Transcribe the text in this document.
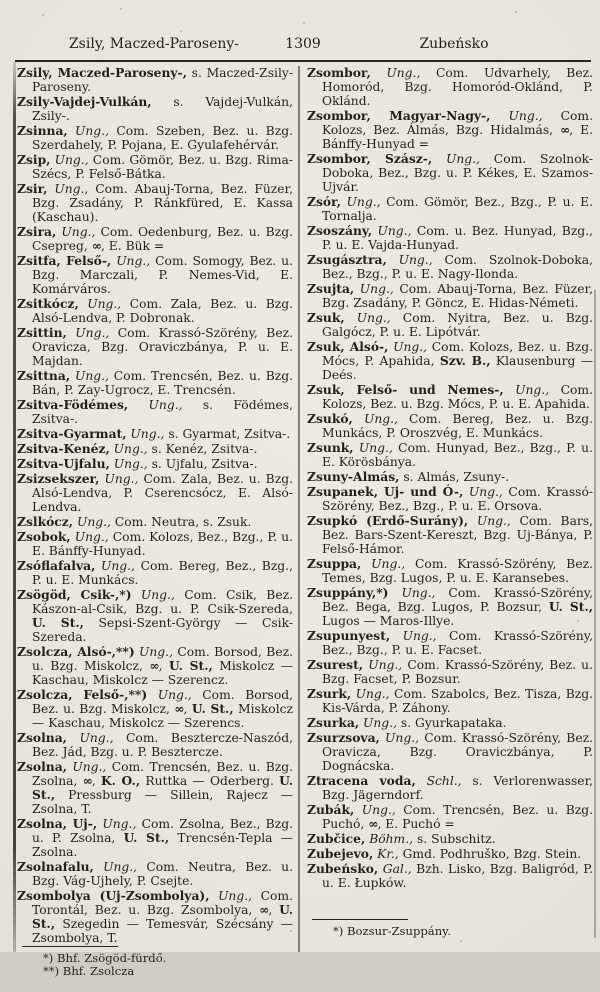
Zsily, Maczed-Paroseny-	1309	Zubeńsko

Zsily, Maczed-Paroseny-, s. Maczed-Zsily-Paroseny.

Zsily-Vajdej-Vulkán, s. Vajdej-Vulkán, Zsily-.

Zsinna, Ung., Com. Szeben, Bez. u. Bzg. Szerdahely, P. Pojana, E. Gyulafehérvár.

Zsip, Ung., Com. Gömör, Bez. u. Bzg. Rima-Szécs, P. Felső-Bátka.

Zsir, Ung., Com. Abauj-Torna, Bez. Füzer, Bzg. Zsadány, P. Ránkfüred, E. Kassa (Kaschau).

Zsira, Ung., Com. Oedenburg, Bez. u. Bzg. Csepreg, ∞, E. Bük =

Zsitfa, Felső-, Ung., Com. Somogy, Bez. u. Bzg. Marczali, P. Nemes-Vid, E. Komárváros.

Zsitkócz, Ung., Com. Zala, Bez. u. Bzg. Alsó-Lendva, P. Dobronak.

Zsittin, Ung., Com. Krassó-Szörény, Bez. Oravicza, Bzg. Oraviczbánya, P. u. E. Majdan.

Zsittna, Ung., Com. Trencsén, Bez. u. Bzg. Bán, P. Zay-Ugrocz, E. Trencsén.

Zsitva-Födémes, Ung., s. Födémes, Zsitva-.

Zsitva-Gyarmat, Ung., s. Gyarmat, Zsitva-.

Zsitva-Kenéz, Ung., s. Kenéz, Zsitva-.

Zsitva-Ujfalu, Ung., s. Ujfalu, Zsitva-.

Zsizsekszer, Ung., Com. Zala, Bez. u. Bzg. Alsó-Lendva, P. Cserencsócz, E. Alsó-Lendva.

Zslkócz, Ung., Com. Neutra, s. Zsuk.

Zsobok, Ung., Com. Kolozs, Bez., Bzg., P. u. E. Bánffy-Hunyad.

Zsóflafalva, Ung., Com. Bereg, Bez., Bzg., P. u. E. Munkács.

Zsögöd, Csik-,*) Ung., Com. Csik, Bez. Kászon-al-Csik, Bzg. u. P. Csik-Szereda, U. St., Sepsi-Szent-György — Csik-Szereda.

Zsolcza, Alsó-,**) Ung., Com. Borsod, Bez. u. Bzg. Miskolcz, ∞, U. St., Miskolcz — Kaschau, Miskolcz — Szerencz.

Zsolcza, Felső-,**) Ung., Com. Borsod, Bez. u. Bzg. Miskolcz, ∞, U. St., Miskolcz — Kaschau, Miskolcz — Szerencs.

Zsolna, Ung., Com. Besztercze-Naszód, Bez. Jád, Bzg. u. P. Besztercze.

Zsolna, Ung., Com. Trencsén, Bez. u. Bzg. Zsolna, ∞, K. O., Ruttka — Oderberg. U. St., Pressburg — Sillein, Rajecz — Zsolna, T.

Zsolna, Uj-, Ung., Com. Zsolna, Bez., Bzg. u. P. Zsolna, U. St., Trencsén-Tepla — Zsolna.

Zsolnafalu, Ung., Com. Neutra, Bez. u. Bzg. Vág-Ujhely, P. Csejte.

Zsombolya (Uj-Zsombolya), Ung., Com. Torontál, Bez. u. Bzg. Zsombolya, ∞, U. St., Szegedin — Temesvár, Szécsány — Zsombolya, T.

*) Bhf. Zsögöd-fürdő.

**) Bhf. Zsolcza

Zsombor, Ung., Com. Udvarhely, Bez. Homoród, Bzg. Homoród-Oklánd, P. Oklánd.

Zsombor, Magyar-Nagy-, Ung., Com. Kolozs, Bez. Álmás, Bzg. Hidalmás, ∞, E. Bánffy-Hunyad =

Zsombor, Szász-, Ung., Com. Szolnok-Doboka, Bez., Bzg. u. P. Kékes, E. Szamos-Ujvár.

Zsór, Ung., Com. Gömör, Bez., Bzg., P. u. E. Tornalja.

Zsoszány, Ung., Com. u. Bez. Hunyad, Bzg., P. u. E. Vajda-Hunyad.

Zsugásztra, Ung., Com. Szolnok-Doboka, Bez., Bzg., P. u. E. Nagy-Ilonda.

Zsujta, Ung., Com. Abauj-Torna, Bez. Füzer, Bzg. Zsadány, P. Göncz, E. Hidas-Németi.

Zsuk, Ung., Com. Nyitra, Bez. u. Bzg. Galgócz, P. u. E. Lipótvár.

Zsuk, Alsó-, Ung., Com. Kolozs, Bez. u. Bzg. Mócs, P. Apahida, Szv. B., Klausenburg — Deés.

Zsuk, Felső- und Nemes-, Ung., Com. Kolozs, Bez. u. Bzg. Mócs, P. u. E. Apahida.

Zsukó, Ung., Com. Bereg, Bez. u. Bzg. Munkács, P. Oroszvég, E. Munkács.

Zsunk, Ung., Com. Hunyad, Bez., Bzg., P. u. E. Körösbánya.

Zsuny-Almás, s. Almás, Zsuny-.

Zsupanek, Uj- und Ó-, Ung., Com. Krassó-Szörény, Bez., Bzg., P. u. E. Orsova.

Zsupkó (Erdő-Surány), Ung., Com. Bars, Bez. Bars-Szent-Kereszt, Bzg. Uj-Bánya, P. Felső-Hámor.

Zsuppa, Ung., Com. Krassó-Szörény, Bez. Temes, Bzg. Lugos, P. u. E. Karansebes.

Zsuppány,*) Ung., Com. Krassó-Szörény, Bez. Bega, Bzg. Lugos, P. Bozsur, U. St., Lugos — Maros-Illye.

Zsupunyest, Ung., Com. Krassó-Szörény, Bez., Bzg., P. u. E. Facset.

Zsurest, Ung., Com. Krassó-Szörény, Bez. u. Bzg. Facset, P. Bozsur.

Zsurk, Ung., Com. Szabolcs, Bez. Tisza, Bzg. Kis-Várda, P. Záhony.

Zsurka, Ung., s. Gyurkapataka.

Zsurzsova, Ung., Com. Krassó-Szörény, Bez. Oravicza, Bzg. Oraviczbánya, P. Dognácska.

Ztracena voda, Schl., s. Verlorenwasser, Bzg. Jägerndorf.

Zubák, Ung., Com. Trencsén, Bez. u. Bzg. Puchó, ∞, E. Puchó =

Zubčice, Böhm., s. Subschitz.

Zubejevo, Kr., Gmd. Podhruško, Bzg. Stein.

Zubeńsko, Gal., Bzh. Lisko, Bzg. Baligród, P. u. E. Łupków.

*) Bozsur-Zsuppány.
